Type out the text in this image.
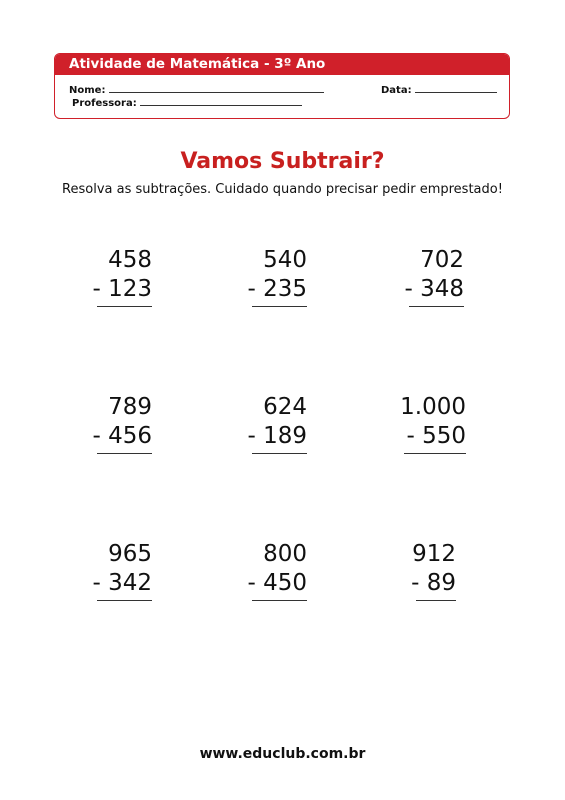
Atividade de Matemática - 3º Ano
Nome:	Data:
Professora:
Vamos Subtrair?
Resolva as subtrações. Cuidado quando precisar pedir emprestado!
458
- 123
540
- 235
702
- 348
789
- 456
624
- 189
1.000
- 550
965
- 342
800
- 450
912
- 89
www.educlub.com.br
